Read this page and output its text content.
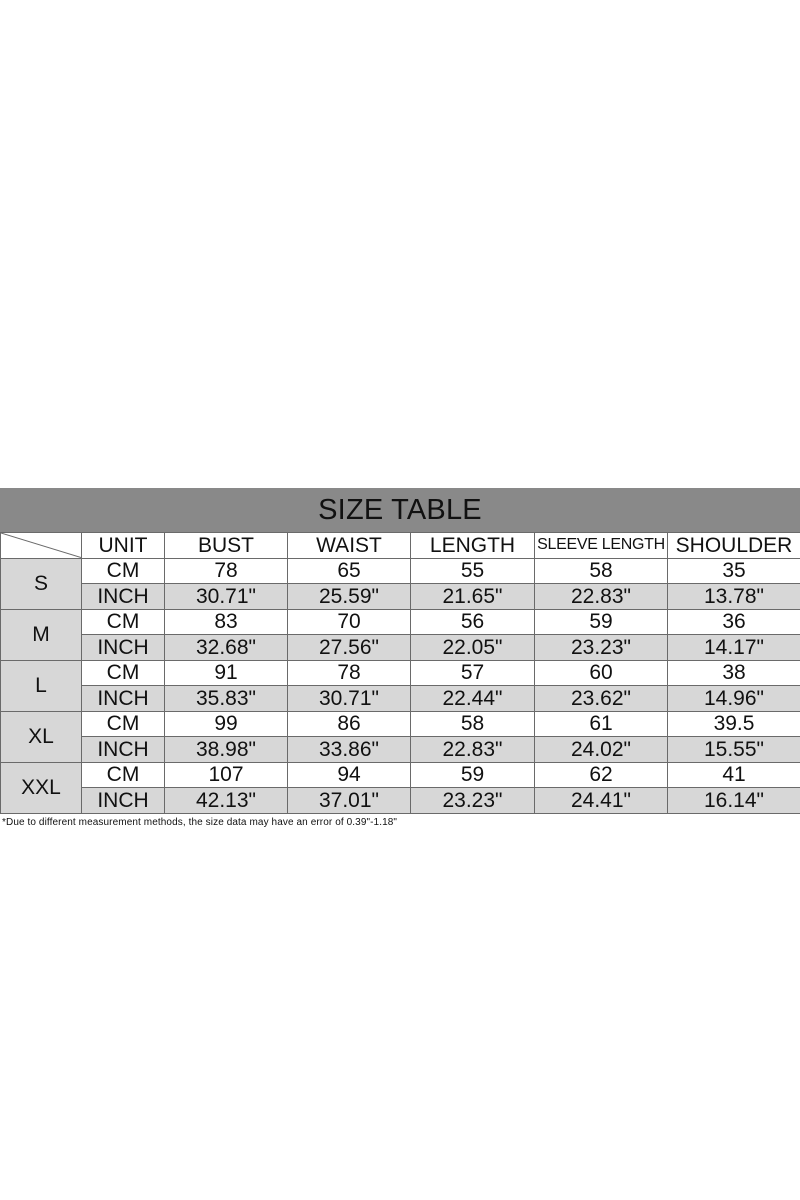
SIZE TABLE
	UNIT	BUST	WAIST	LENGTH	SLEEVE LENGTH	SHOULDER
S	CM	78	65	55	58	35
	INCH	30.71"	25.59"	21.65"	22.83"	13.78"
M	CM	83	70	56	59	36
	INCH	32.68"	27.56"	22.05"	23.23"	14.17"
L	CM	91	78	57	60	38
	INCH	35.83"	30.71"	22.44"	23.62"	14.96"
XL	CM	99	86	58	61	39.5
	INCH	38.98"	33.86"	22.83"	24.02"	15.55"
XXL	CM	107	94	59	62	41
	INCH	42.13"	37.01"	23.23"	24.41"	16.14"
*Due to different measurement methods, the size data may have an error of 0.39"-1.18"
